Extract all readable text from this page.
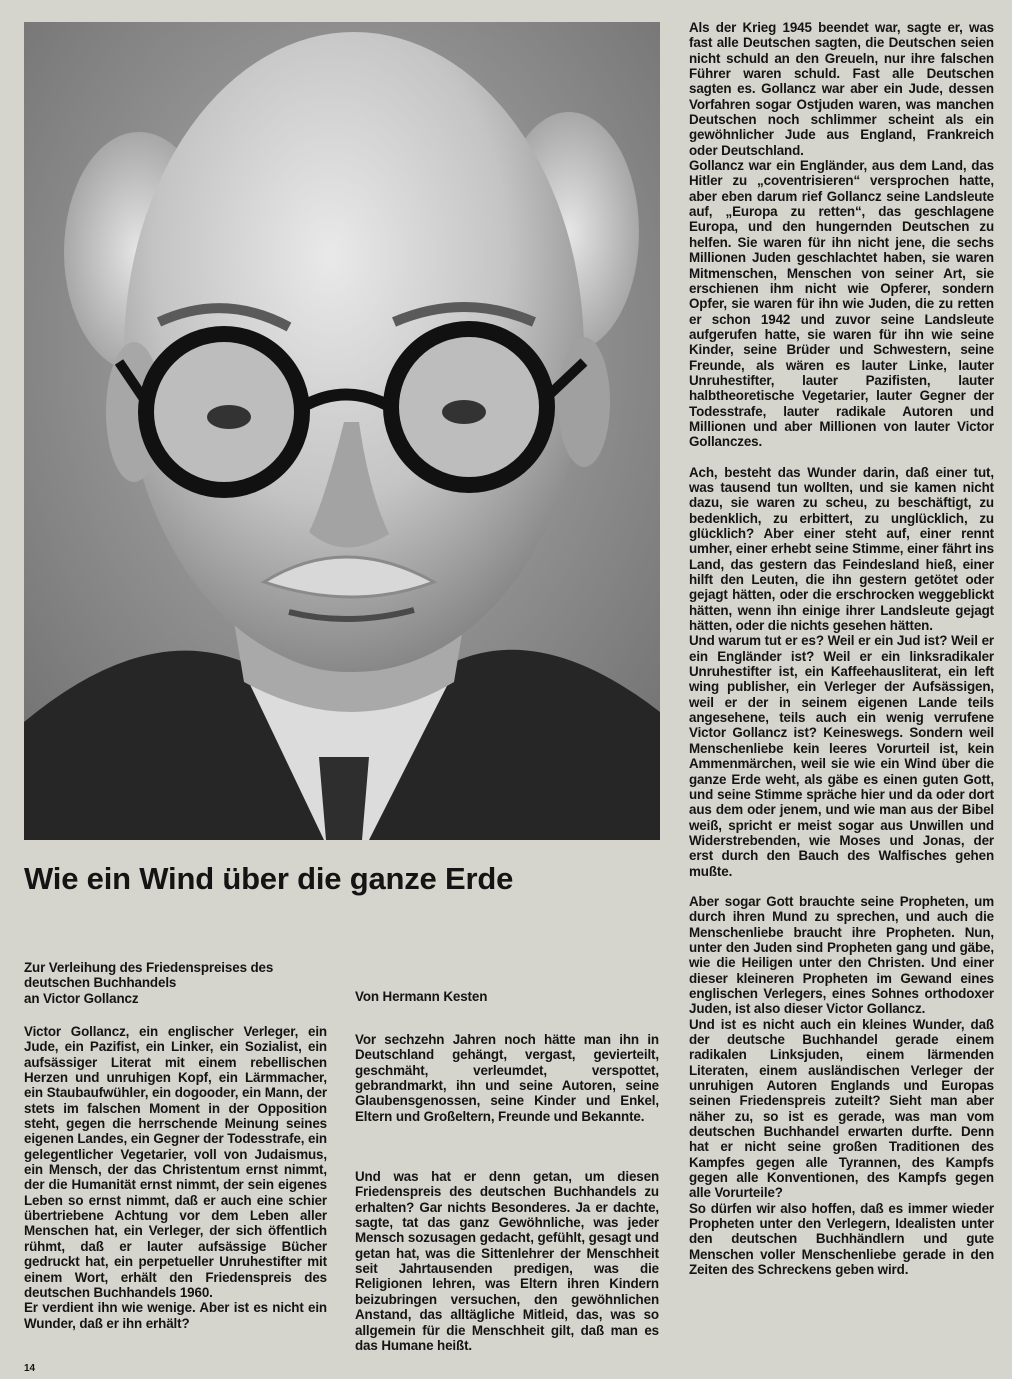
Wie ein Wind über die ganze Erde
Zur Verleihung des Friedenspreises des
deutschen Buchhandels
an Victor Gollancz	Von Hermann Kesten

Victor Gollancz, ein englischer Verleger, ein Jude, ein Pazifist, ein Linker, ein Sozialist, ein aufsässiger Literat mit einem rebellischen Herzen und unruhigen Kopf, ein Lärmmacher, ein Staubaufwühler, ein dogooder, ein Mann, der stets im falschen Moment in der Opposition steht, gegen die herrschende Meinung seines eigenen Landes, ein Gegner der Todesstrafe, ein gelegentlicher Vegetarier, voll von Judaismus, ein Mensch, der das Christentum ernst nimmt, der die Humanität ernst nimmt, der sein eigenes Leben so ernst nimmt, daß er auch eine schier übertriebene Achtung vor dem Leben aller Menschen hat, ein Verleger, der sich öffentlich rühmt, daß er lauter aufsässige Bücher gedruckt hat, ein perpetueller Unruhestifter mit einem Wort, erhält den Friedenspreis des deutschen Buchhandels 1960.

Er verdient ihn wie wenige. Aber ist es nicht ein Wunder, daß er ihn erhält?

Vor sechzehn Jahren noch hätte man ihn in Deutschland gehängt, vergast, gevierteilt, geschmäht, verleumdet, verspottet, gebrandmarkt, ihn und seine Autoren, seine Glaubensgenossen, seine Kinder und Enkel, Eltern und Großeltern, Freunde und Bekannte.

Und was hat er denn getan, um diesen Friedenspreis des deutschen Buchhandels zu erhalten? Gar nichts Besonderes. Ja er dachte, sagte, tat das ganz Gewöhnliche, was jeder Mensch sozusagen gedacht, gefühlt, gesagt und getan hat, was die Sittenlehrer der Menschheit seit Jahrtausenden predigen, was die Religionen lehren, was Eltern ihren Kindern beizubringen versuchen, den gewöhnlichen Anstand, das alltägliche Mitleid, das, was so allgemein für die Menschheit gilt, daß man es das Humane heißt.

Als der Krieg 1945 beendet war, sagte er, was fast alle Deutschen sagten, die Deutschen seien nicht schuld an den Greueln, nur ihre falschen Führer waren schuld. Fast alle Deutschen sagten es. Gollancz war aber ein Jude, dessen Vorfahren sogar Ostjuden waren, was manchen Deutschen noch schlimmer scheint als ein gewöhnlicher Jude aus England, Frankreich oder Deutschland.

Gollancz war ein Engländer, aus dem Land, das Hitler zu „coventrisieren“ versprochen hatte, aber eben darum rief Gollancz seine Landsleute auf, „Europa zu retten“, das geschlagene Europa, und den hungernden Deutschen zu helfen. Sie waren für ihn nicht jene, die sechs Millionen Juden geschlachtet haben, sie waren Mitmenschen, Menschen von seiner Art, sie erschienen ihm nicht wie Opferer, sondern Opfer, sie waren für ihn wie Juden, die zu retten er schon 1942 und zuvor seine Landsleute aufgerufen hatte, sie waren für ihn wie seine Kinder, seine Brüder und Schwestern, seine Freunde, als wären es lauter Linke, lauter Unruhestifter, lauter Pazifisten, lauter halbtheoretische Vegetarier, lauter Gegner der Todesstrafe, lauter radikale Autoren und Millionen und aber Millionen von lauter Victor Gollanczes.

Ach, besteht das Wunder darin, daß einer tut, was tausend tun wollten, und sie kamen nicht dazu, sie waren zu scheu, zu beschäftigt, zu bedenklich, zu erbittert, zu unglücklich, zu glücklich? Aber einer steht auf, einer rennt umher, einer erhebt seine Stimme, einer fährt ins Land, das gestern das Feindesland hieß, einer hilft den Leuten, die ihn gestern getötet oder gejagt hätten, oder die erschrocken weggeblickt hätten, wenn ihn einige ihrer Landsleute gejagt hätten, oder die nichts gesehen hätten.

Und warum tut er es? Weil er ein Jud ist? Weil er ein Engländer ist? Weil er ein linksradikaler Unruhestifter ist, ein Kaffeehausliterat, ein left wing publisher, ein Verleger der Aufsässigen, weil er der in seinem eigenen Lande teils angesehene, teils auch ein wenig verrufene Victor Gollancz ist? Keineswegs. Sondern weil Menschenliebe kein leeres Vorurteil ist, kein Ammenmärchen, weil sie wie ein Wind über die ganze Erde weht, als gäbe es einen guten Gott, und seine Stimme spräche hier und da oder dort aus dem oder jenem, und wie man aus der Bibel weiß, spricht er meist sogar aus Unwillen und Widerstrebenden, wie Moses und Jonas, der erst durch den Bauch des Walfisches gehen mußte.

Aber sogar Gott brauchte seine Propheten, um durch ihren Mund zu sprechen, und auch die Menschenliebe braucht ihre Propheten. Nun, unter den Juden sind Propheten gang und gäbe, wie die Heiligen unter den Christen. Und einer dieser kleineren Propheten im Gewand eines englischen Verlegers, eines Sohnes orthodoxer Juden, ist also dieser Victor Gollancz.

Und ist es nicht auch ein kleines Wunder, daß der deutsche Buchhandel gerade einem radikalen Linksjuden, einem lärmenden Literaten, einem ausländischen Verleger der unruhigen Autoren Englands und Europas seinen Friedenspreis zuteilt? Sieht man aber näher zu, so ist es gerade, was man vom deutschen Buchhandel erwarten durfte. Denn hat er nicht seine großen Traditionen des Kampfes gegen alle Tyrannen, des Kampfs gegen alle Konventionen, des Kampfs gegen alle Vorurteile?

So dürfen wir also hoffen, daß es immer wieder Propheten unter den Verlegern, Idealisten unter den deutschen Buchhändlern und gute Menschen voller Menschenliebe gerade in den Zeiten des Schreckens geben wird.

14
